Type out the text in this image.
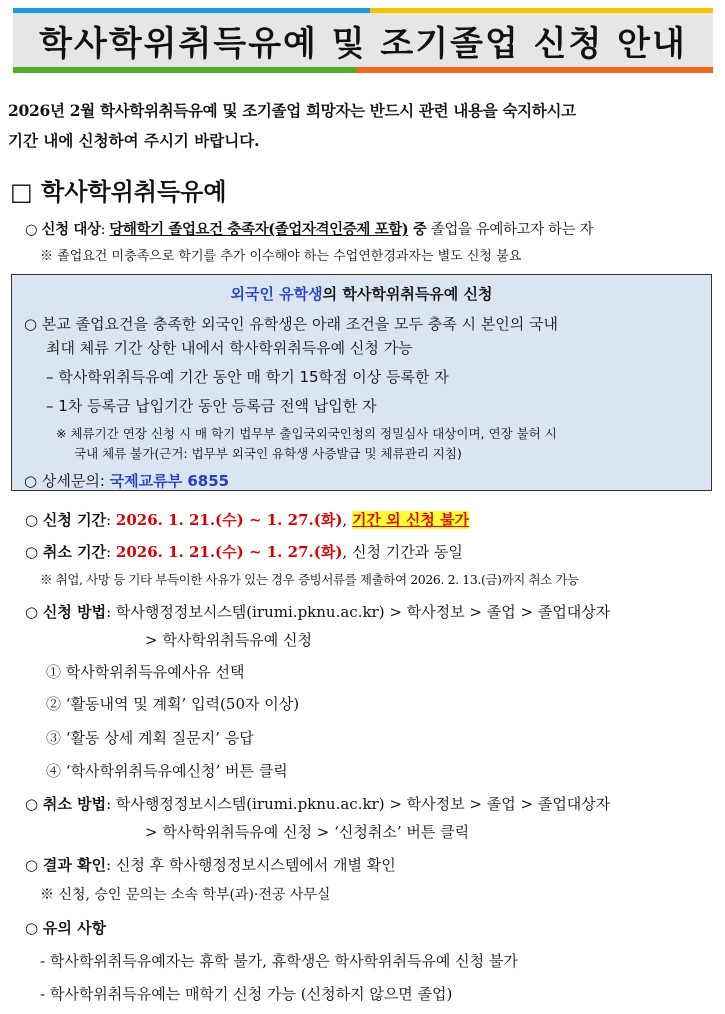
학사학위취득유예 및 조기졸업 신청 안내
2026년 2월 학사학위취득유예 및 조기졸업 희망자는 반드시 관련 내용을 숙지하시고
기간 내에 신청하여 주시기 바랍니다.
□ 학사학위취득유예
○ 신청 대상: 당해학기 졸업요건 충족자(졸업자격인증제 포함) 중 졸업을 유예하고자 하는 자
※ 졸업요건 미충족으로 학기를 추가 이수해야 하는 수업연한경과자는 별도 신청 불요
외국인 유학생의 학사학위취득유예 신청
○ 본교 졸업요건을 충족한 외국인 유학생은 아래 조건을 모두 충족 시 본인의 국내
최대 체류 기간 상한 내에서 학사학위취득유예 신청 가능
– 학사학위취득유예 기간 동안 매 학기 15학점 이상 등록한 자
– 1차 등록금 납입기간 동안 등록금 전액 납입한 자
※ 체류기간 연장 신청 시 매 학기 법무부 출입국외국인청의 정밀심사 대상이며, 연장 불허 시
국내 체류 불가(근거: 법무부 외국인 유학생 사증발급 및 체류관리 지침)
○ 상세문의: 국제교류부 6855
○ 신청 기간: 2026. 1. 21.(수) ~ 1. 27.(화), 기간 외 신청 불가
○ 취소 기간: 2026. 1. 21.(수) ~ 1. 27.(화), 신청 기간과 동일
※ 취업, 사망 등 기타 부득이한 사유가 있는 경우 증빙서류를 제출하여 2026. 2. 13.(금)까지 취소 가능
○ 신청 방법: 학사행정정보시스템(irumi.pknu.ac.kr) > 학사정보 > 졸업 > 졸업대상자
> 학사학위취득유예 신청
① 학사학위취득유예사유 선택
② ‘활동내역 및 계획’ 입력(50자 이상)
③ ‘활동 상세 계획 질문지’ 응답
④ ‘학사학위취득유예신청’ 버튼 클릭
○ 취소 방법: 학사행정정보시스템(irumi.pknu.ac.kr) > 학사정보 > 졸업 > 졸업대상자
> 학사학위취득유예 신청 > ‘신청취소’ 버튼 클릭
○ 결과 확인: 신청 후 학사행정정보시스템에서 개별 확인
※ 신청, 승인 문의는 소속 학부(과)·전공 사무실
○ 유의 사항
- 학사학위취득유예자는 휴학 불가, 휴학생은 학사학위취득유예 신청 불가
- 학사학위취득유예는 매학기 신청 가능 (신청하지 않으면 졸업)
